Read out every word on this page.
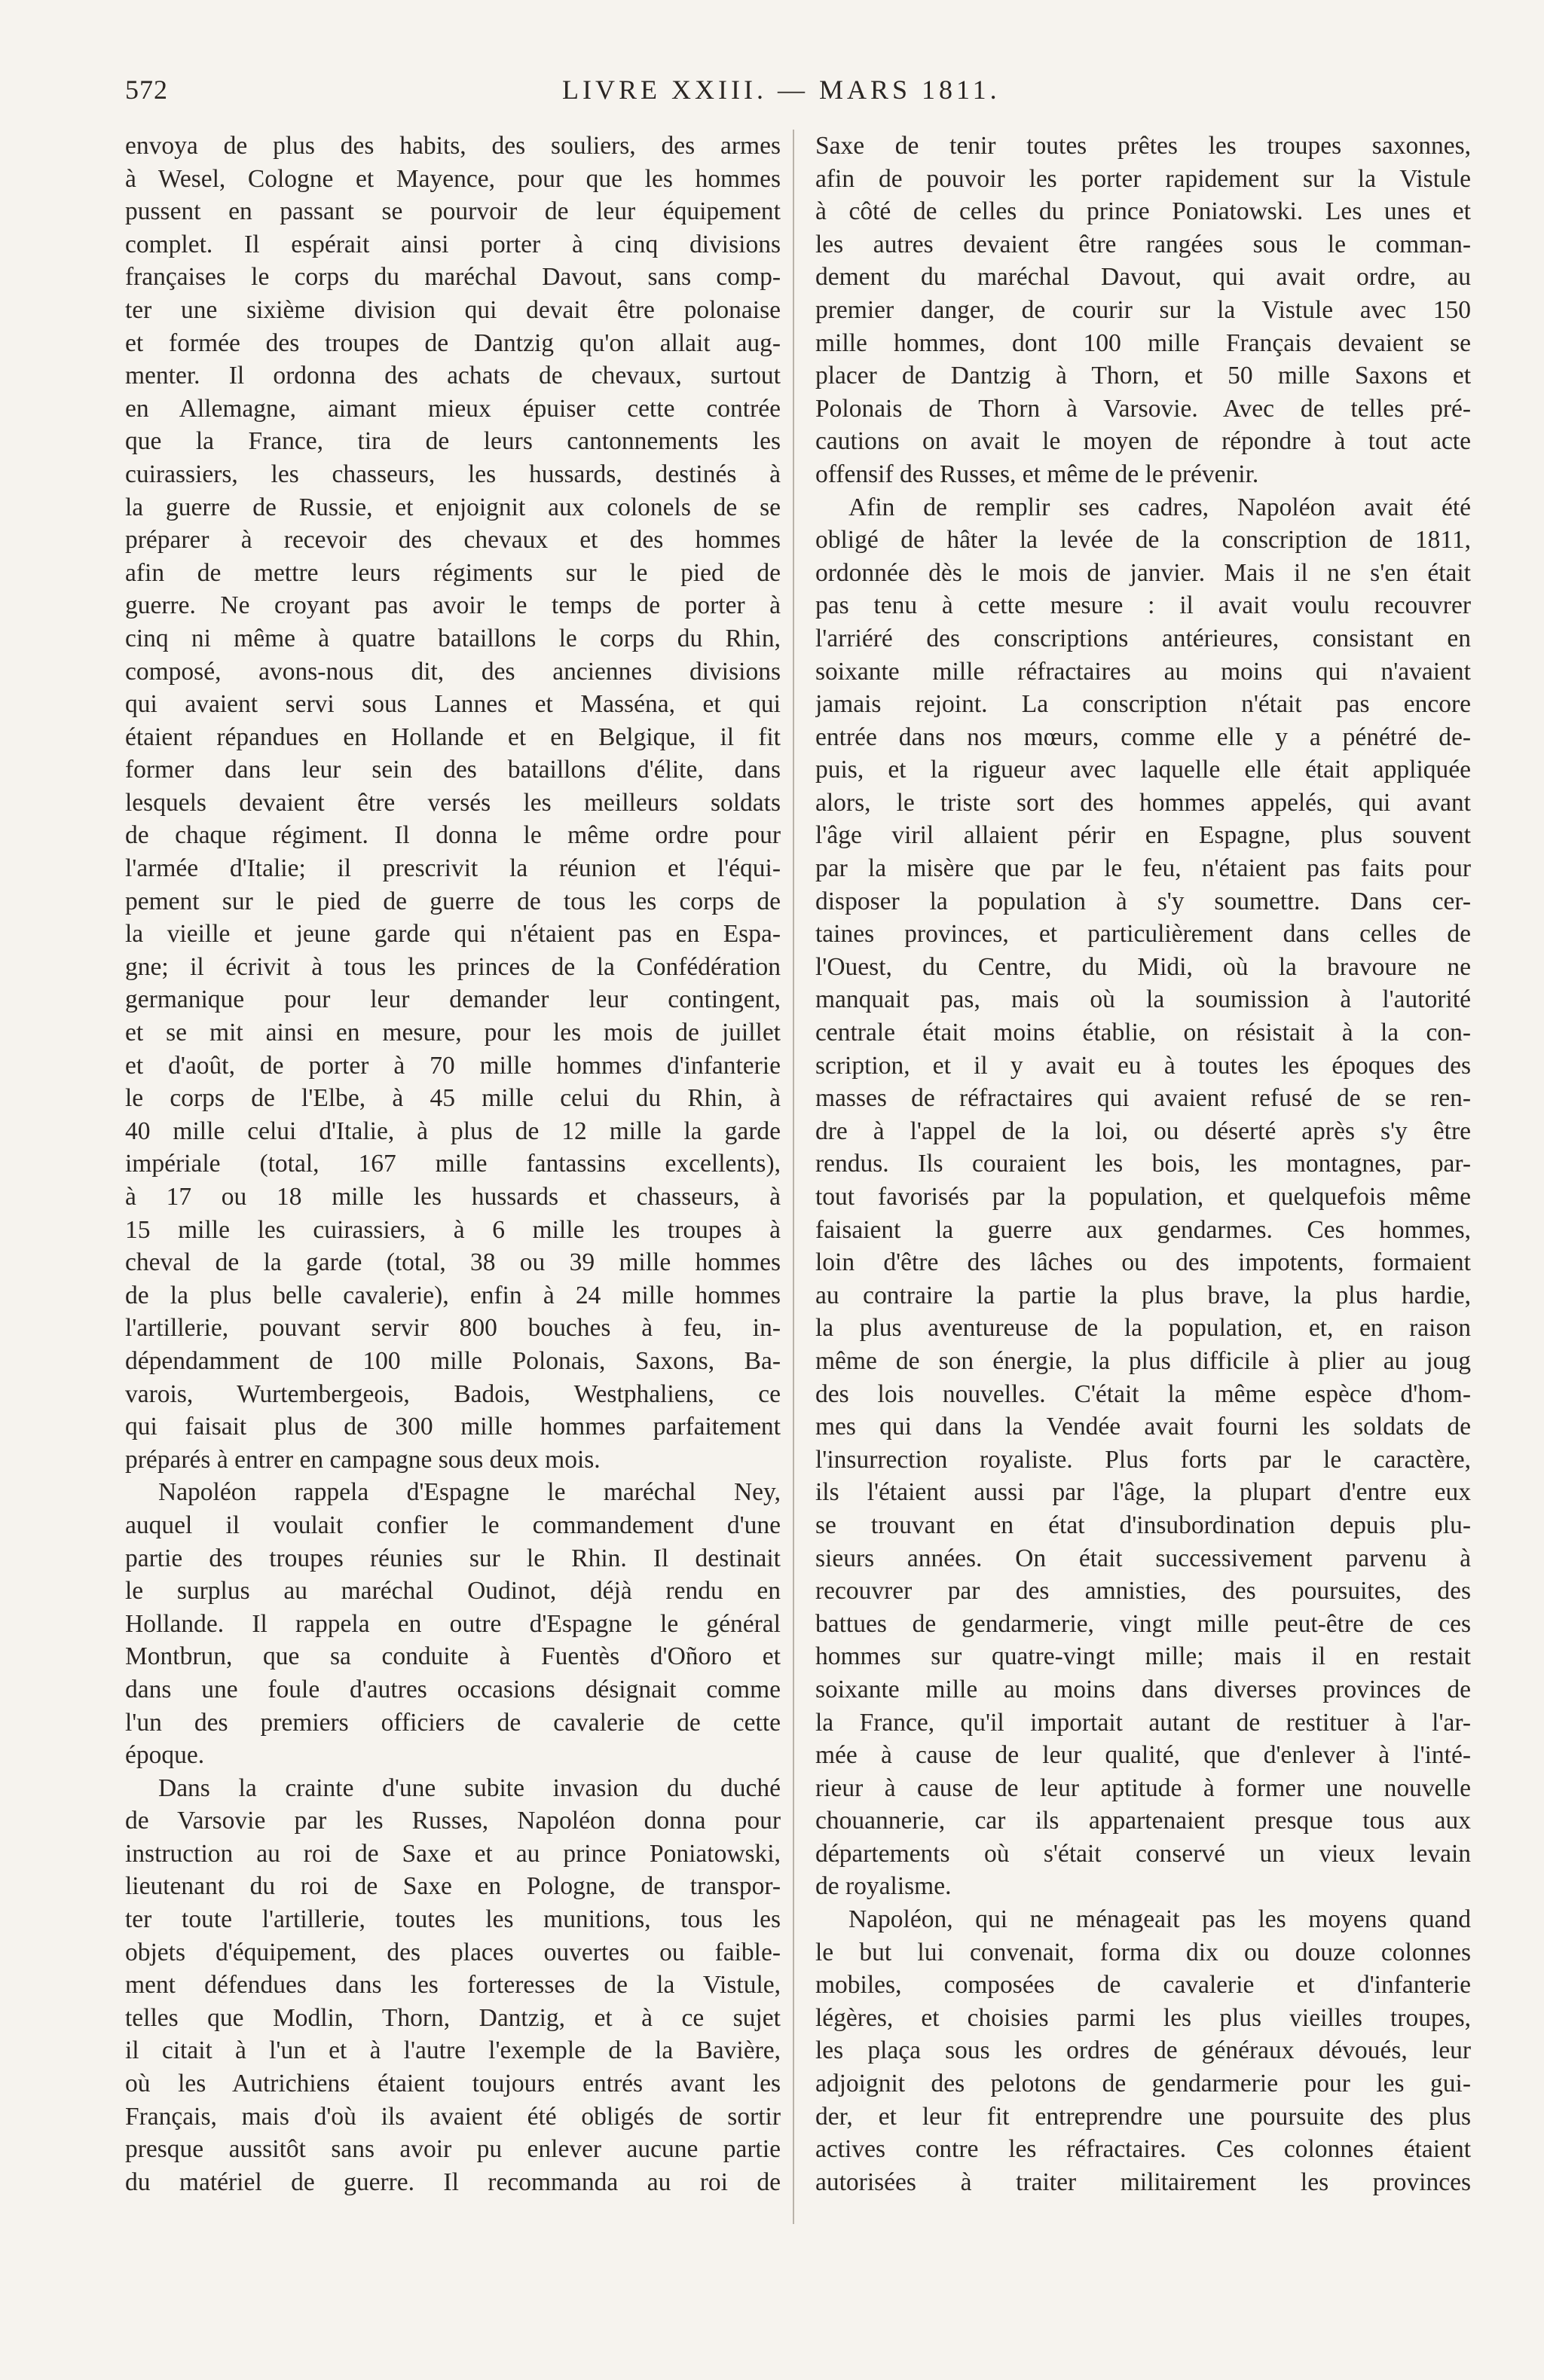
572	LIVRE XXIII. — MARS 1811.
envoya de plus des habits, des souliers, des armes
à Wesel, Cologne et Mayence, pour que les hommes
pussent en passant se pourvoir de leur équipement
complet. Il espérait ainsi porter à cinq divisions
françaises le corps du maréchal Davout, sans comp-
ter une sixième division qui devait être polonaise
et formée des troupes de Dantzig qu'on allait aug-
menter. Il ordonna des achats de chevaux, surtout
en Allemagne, aimant mieux épuiser cette contrée
que la France, tira de leurs cantonnements les
cuirassiers, les chasseurs, les hussards, destinés à
la guerre de Russie, et enjoignit aux colonels de se
préparer à recevoir des chevaux et des hommes
afin de mettre leurs régiments sur le pied de
guerre. Ne croyant pas avoir le temps de porter à
cinq ni même à quatre bataillons le corps du Rhin,
composé, avons-nous dit, des anciennes divisions
qui avaient servi sous Lannes et Masséna, et qui
étaient répandues en Hollande et en Belgique, il fit
former dans leur sein des bataillons d'élite, dans
lesquels devaient être versés les meilleurs soldats
de chaque régiment. Il donna le même ordre pour
l'armée d'Italie; il prescrivit la réunion et l'équi-
pement sur le pied de guerre de tous les corps de
la vieille et jeune garde qui n'étaient pas en Espa-
gne; il écrivit à tous les princes de la Confédération
germanique pour leur demander leur contingent,
et se mit ainsi en mesure, pour les mois de juillet
et d'août, de porter à 70 mille hommes d'infanterie
le corps de l'Elbe, à 45 mille celui du Rhin, à
40 mille celui d'Italie, à plus de 12 mille la garde
impériale (total, 167 mille fantassins excellents),
à 17 ou 18 mille les hussards et chasseurs, à
15 mille les cuirassiers, à 6 mille les troupes à
cheval de la garde (total, 38 ou 39 mille hommes
de la plus belle cavalerie), enfin à 24 mille hommes
l'artillerie, pouvant servir 800 bouches à feu, in-
dépendamment de 100 mille Polonais, Saxons, Ba-
varois, Wurtembergeois, Badois, Westphaliens, ce
qui faisait plus de 300 mille hommes parfaitement
préparés à entrer en campagne sous deux mois.
Napoléon rappela d'Espagne le maréchal Ney,
auquel il voulait confier le commandement d'une
partie des troupes réunies sur le Rhin. Il destinait
le surplus au maréchal Oudinot, déjà rendu en
Hollande. Il rappela en outre d'Espagne le général
Montbrun, que sa conduite à Fuentès d'Oñoro et
dans une foule d'autres occasions désignait comme
l'un des premiers officiers de cavalerie de cette
époque.
Dans la crainte d'une subite invasion du duché
de Varsovie par les Russes, Napoléon donna pour
instruction au roi de Saxe et au prince Poniatowski,
lieutenant du roi de Saxe en Pologne, de transpor-
ter toute l'artillerie, toutes les munitions, tous les
objets d'équipement, des places ouvertes ou faible-
ment défendues dans les forteresses de la Vistule,
telles que Modlin, Thorn, Dantzig, et à ce sujet
il citait à l'un et à l'autre l'exemple de la Bavière,
où les Autrichiens étaient toujours entrés avant les
Français, mais d'où ils avaient été obligés de sortir
presque aussitôt sans avoir pu enlever aucune partie
du matériel de guerre. Il recommanda au roi de
Saxe de tenir toutes prêtes les troupes saxonnes,
afin de pouvoir les porter rapidement sur la Vistule
à côté de celles du prince Poniatowski. Les unes et
les autres devaient être rangées sous le comman-
dement du maréchal Davout, qui avait ordre, au
premier danger, de courir sur la Vistule avec 150
mille hommes, dont 100 mille Français devaient se
placer de Dantzig à Thorn, et 50 mille Saxons et
Polonais de Thorn à Varsovie. Avec de telles pré-
cautions on avait le moyen de répondre à tout acte
offensif des Russes, et même de le prévenir.
Afin de remplir ses cadres, Napoléon avait été
obligé de hâter la levée de la conscription de 1811,
ordonnée dès le mois de janvier. Mais il ne s'en était
pas tenu à cette mesure : il avait voulu recouvrer
l'arriéré des conscriptions antérieures, consistant en
soixante mille réfractaires au moins qui n'avaient
jamais rejoint. La conscription n'était pas encore
entrée dans nos mœurs, comme elle y a pénétré de-
puis, et la rigueur avec laquelle elle était appliquée
alors, le triste sort des hommes appelés, qui avant
l'âge viril allaient périr en Espagne, plus souvent
par la misère que par le feu, n'étaient pas faits pour
disposer la population à s'y soumettre. Dans cer-
taines provinces, et particulièrement dans celles de
l'Ouest, du Centre, du Midi, où la bravoure ne
manquait pas, mais où la soumission à l'autorité
centrale était moins établie, on résistait à la con-
scription, et il y avait eu à toutes les époques des
masses de réfractaires qui avaient refusé de se ren-
dre à l'appel de la loi, ou déserté après s'y être
rendus. Ils couraient les bois, les montagnes, par-
tout favorisés par la population, et quelquefois même
faisaient la guerre aux gendarmes. Ces hommes,
loin d'être des lâches ou des impotents, formaient
au contraire la partie la plus brave, la plus hardie,
la plus aventureuse de la population, et, en raison
même de son énergie, la plus difficile à plier au joug
des lois nouvelles. C'était la même espèce d'hom-
mes qui dans la Vendée avait fourni les soldats de
l'insurrection royaliste. Plus forts par le caractère,
ils l'étaient aussi par l'âge, la plupart d'entre eux
se trouvant en état d'insubordination depuis plu-
sieurs années. On était successivement parvenu à
recouvrer par des amnisties, des poursuites, des
battues de gendarmerie, vingt mille peut-être de ces
hommes sur quatre-vingt mille; mais il en restait
soixante mille au moins dans diverses provinces de
la France, qu'il importait autant de restituer à l'ar-
mée à cause de leur qualité, que d'enlever à l'inté-
rieur à cause de leur aptitude à former une nouvelle
chouannerie, car ils appartenaient presque tous aux
départements où s'était conservé un vieux levain
de royalisme.
Napoléon, qui ne ménageait pas les moyens quand
le but lui convenait, forma dix ou douze colonnes
mobiles, composées de cavalerie et d'infanterie
légères, et choisies parmi les plus vieilles troupes,
les plaça sous les ordres de généraux dévoués, leur
adjoignit des pelotons de gendarmerie pour les gui-
der, et leur fit entreprendre une poursuite des plus
actives contre les réfractaires. Ces colonnes étaient
autorisées à traiter militairement les provinces
